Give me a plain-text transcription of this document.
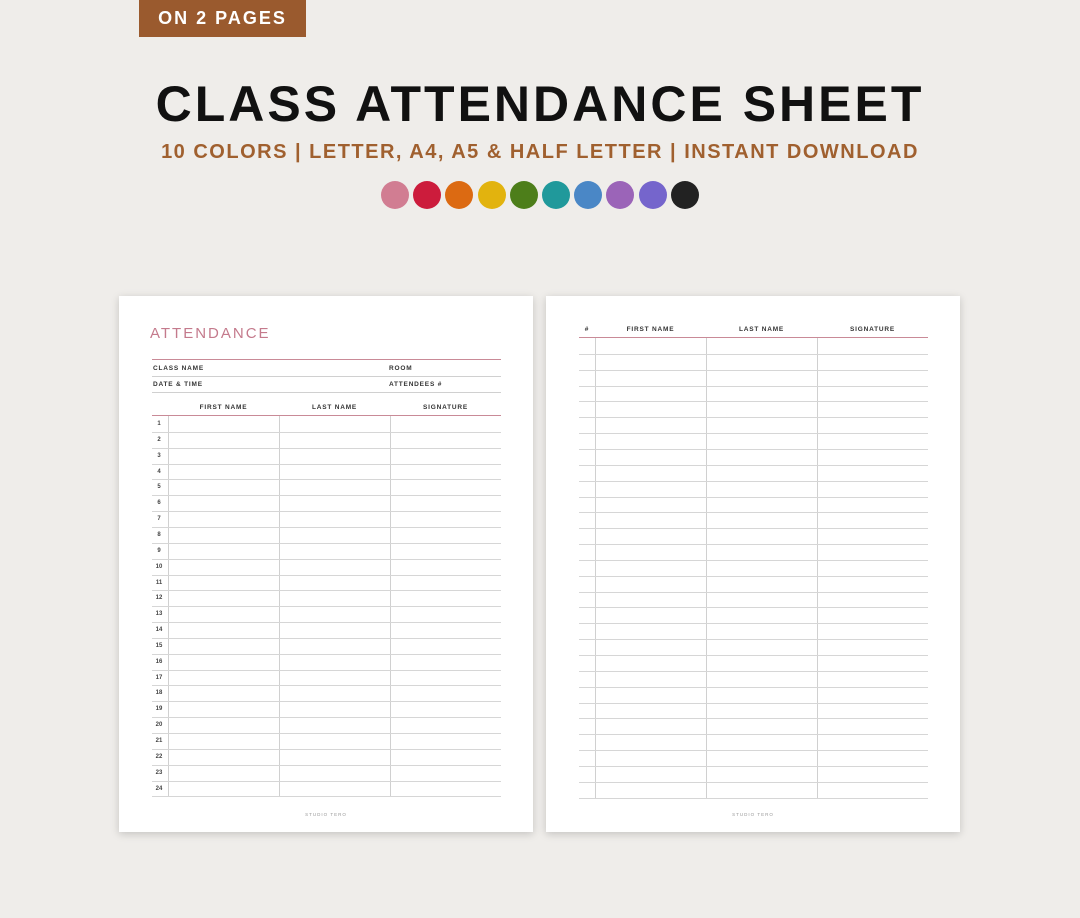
ON 2 PAGES
CLASS ATTENDANCE SHEET
10 COLORS | LETTER, A4, A5 & HALF LETTER | INSTANT DOWNLOAD
ATTENDANCE
CLASS NAME	ROOM
DATE & TIME	ATTENDEES #
FIRST NAME	LAST NAME	SIGNATURE
1
2
3
4
5
6
7
8
9
10
11
12
13
14
15
16
17
18
19
20
21
22
23
24
STUDIO TERO
#	FIRST NAME	LAST NAME	SIGNATURE
STUDIO TERO
